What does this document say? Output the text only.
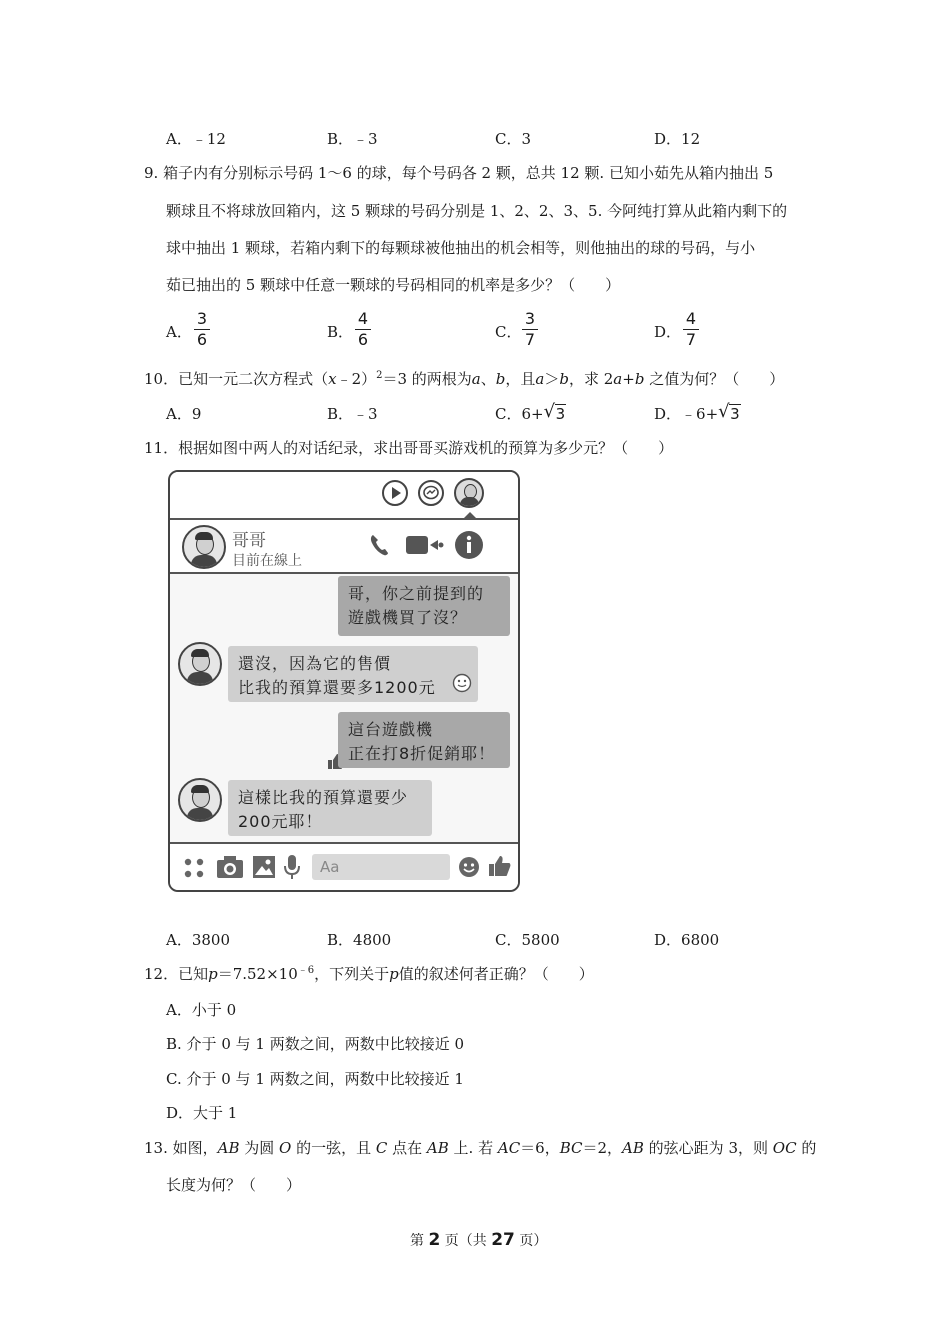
A．﹣12	B．﹣3	C．3	D．12
9. 箱子内有分别标示号码 1～6 的球，每个号码各 2 颗，总共 12 颗. 已知小茹先从箱内抽出 5
颗球且不将球放回箱内，这 5 颗球的号码分别是 1、2、2、3、5. 今阿纯打算从此箱内剩下的
球中抽出 1 颗球，若箱内剩下的每颗球被他抽出的机会相等，则他抽出的球的号码，与小
茹已抽出的 5 颗球中任意一颗球的号码相同的机率是多少？（　　）
A．
3
6	B．
4
6	C．
3
7	D．
4
7
10．已知一元二次方程式（x﹣2）$^2$＝3 的两根为a、b，且a＞b，求 2a+b 之值为何？（　　）
A．9	B．﹣3	C．6+ √ 3	D．﹣6+ √ 3
11．根据如图中两人的对话纪录，求出哥哥买游戏机的预算为多少元？（　　）
哥哥
目前在線上
哥，你之前提到的
遊戲機買了沒？
還沒，因為它的售價
比我的預算還要多1200元
這台遊戲機
正在打8折促銷耶！
這樣比我的預算還要少
200元耶！
Aa
A．3800	B．4800	C．5800	D．6800
12．已知$p=7.52\times 10^{﹣6}$，下列关于p值的叙述何者正确？（　　）
A．小于 0
B. 介于 0 与 1 两数之间，两数中比较接近 0
C. 介于 0 与 1 两数之间，两数中比较接近 1
D．大于 1
13. 如图，AB 为圆 O 的一弦，且 C 点在 AB 上. 若 AC＝6，BC＝2，AB 的弦心距为 3，则 OC 的
长度为何？（　　）
第 2 页（共 27 页）
